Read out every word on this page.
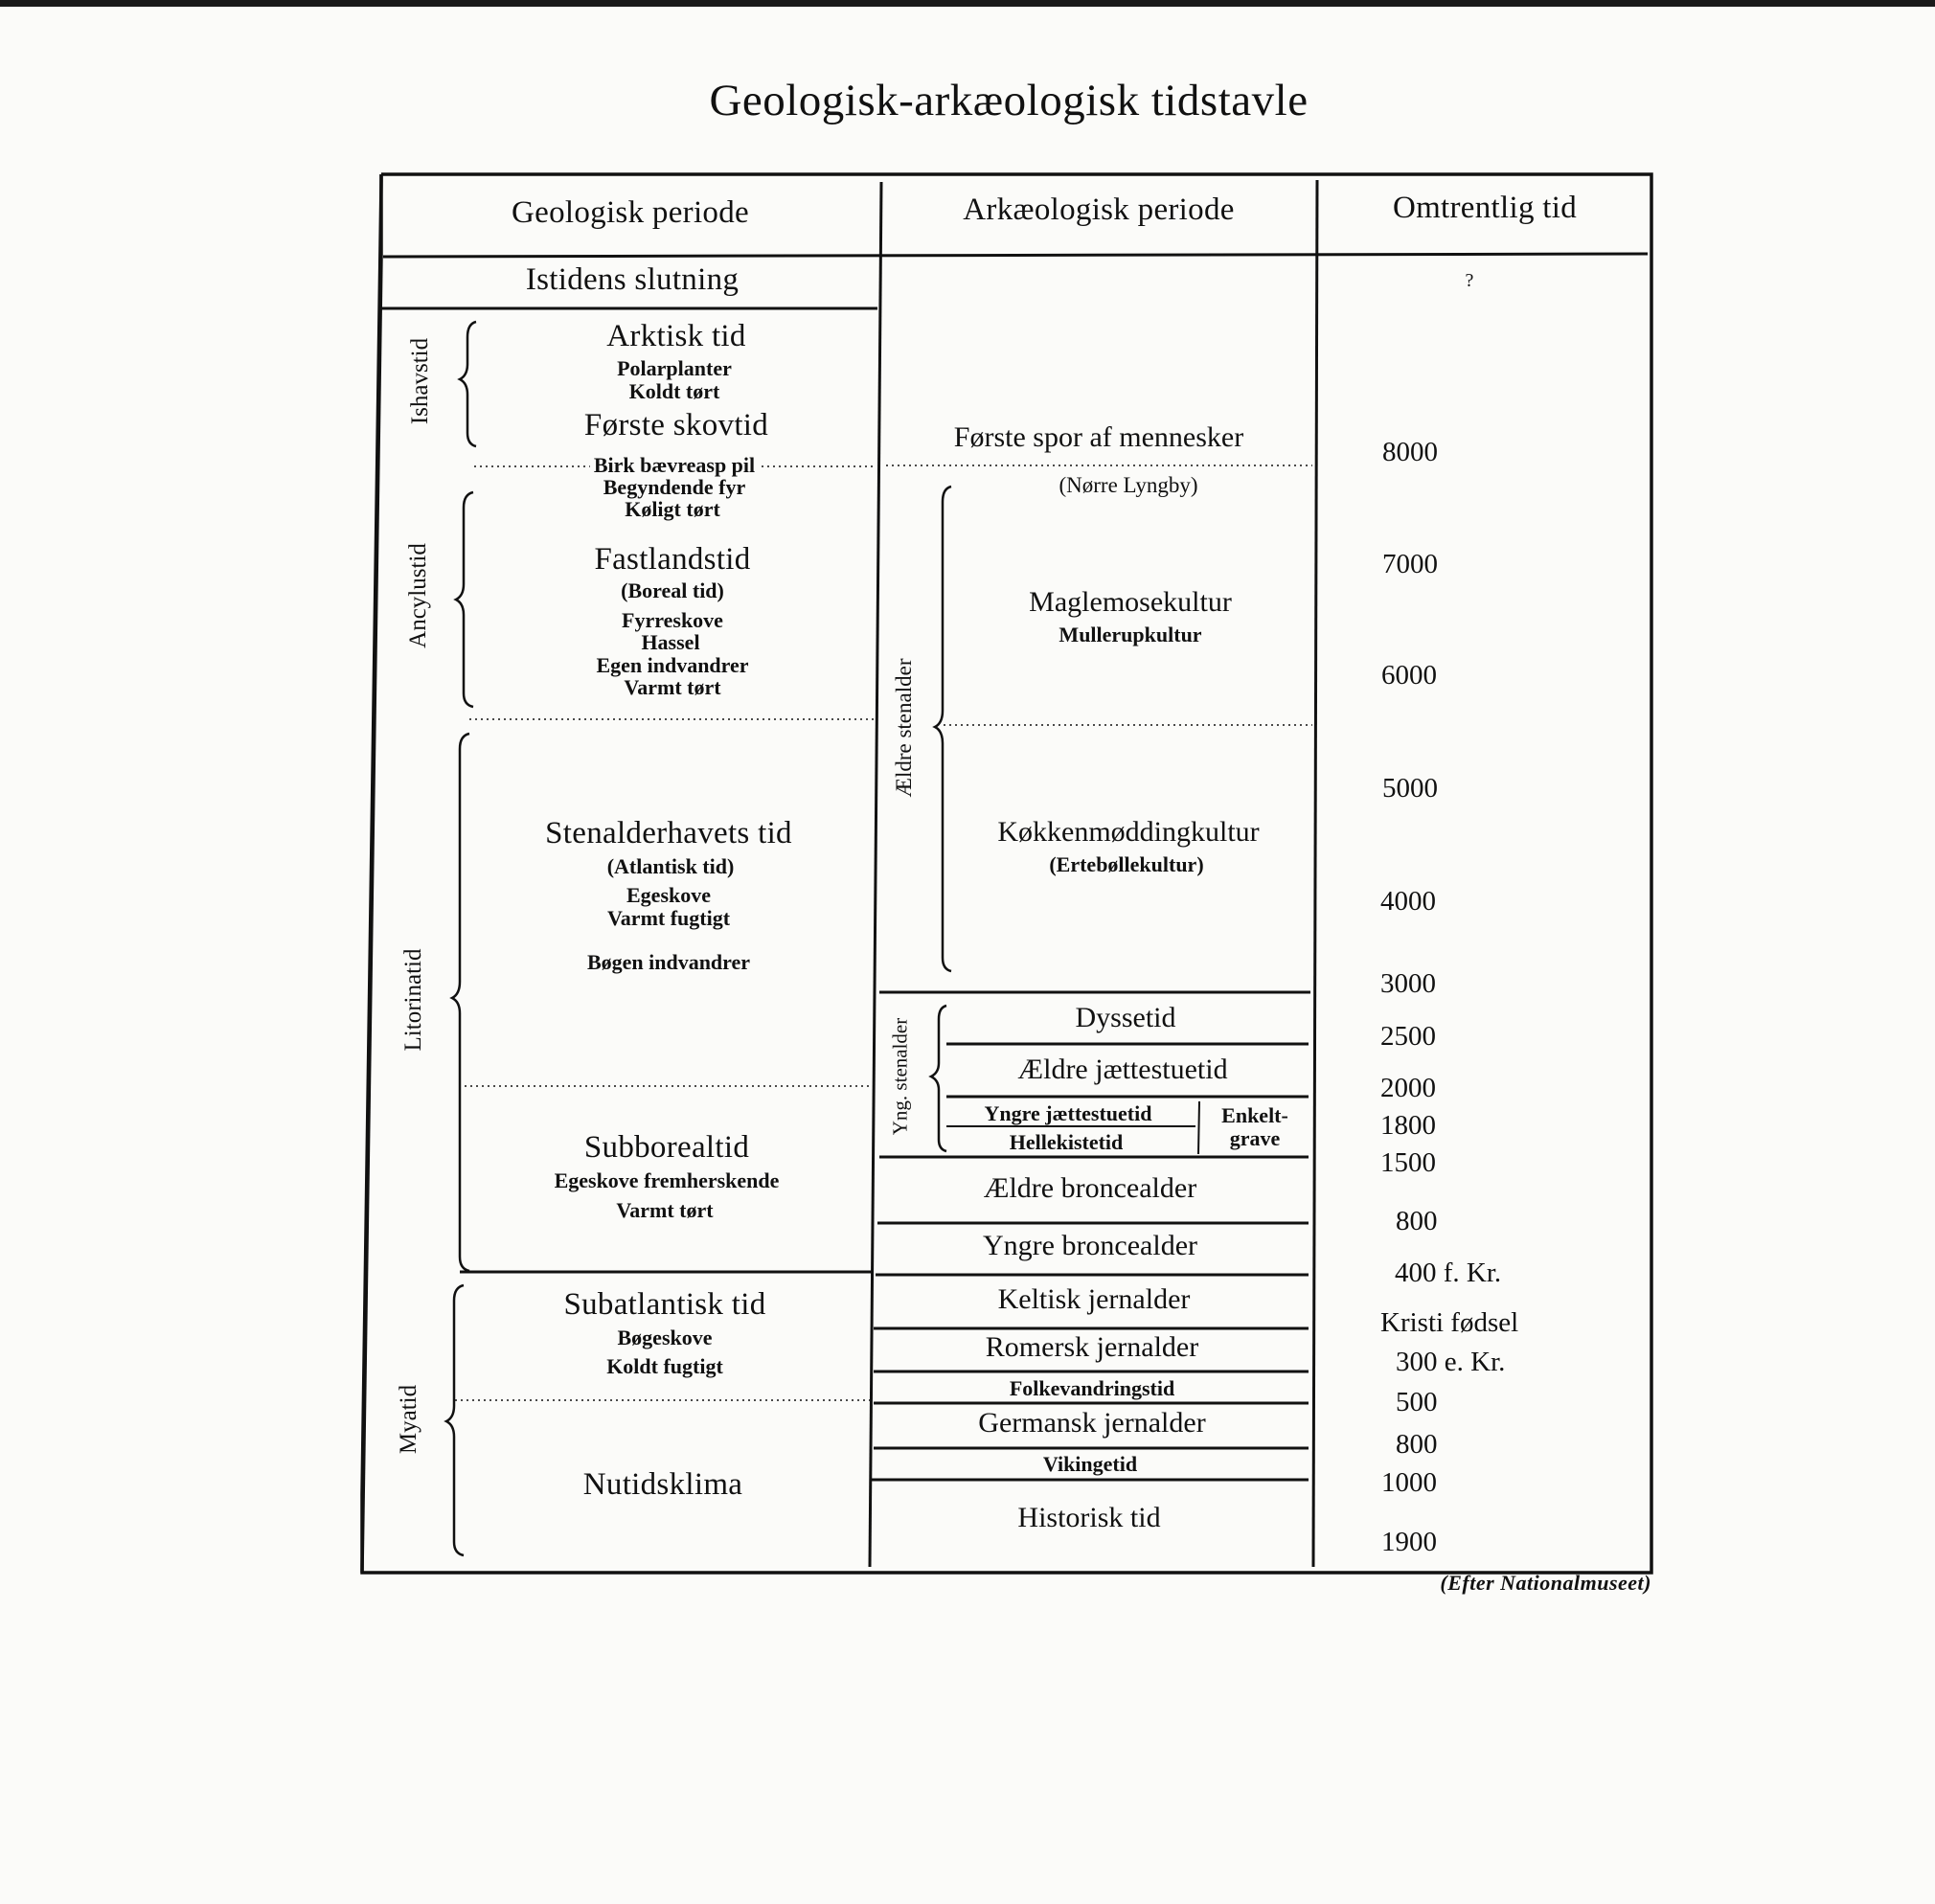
Geologisk-arkæologisk tidstavle
Geologisk periode	Arkæologisk periode	Omtrentlig tid
Istidens slutning
Ishavstid
Ancylustid
Litorinatid
Myatid
Arktisk tid
Polarplanter
Koldt tørt
Første skovtid
Birk bævreasp pil
Begyndende fyr
Køligt tørt
Fastlandstid
(Boreal tid)
Fyrreskove
Hassel
Egen indvandrer
Varmt tørt
Stenalderhavets tid
(Atlantisk tid)
Egeskove
Varmt fugtigt
Bøgen indvandrer
Subborealtid
Egeskove fremherskende
Varmt tørt
Subatlantisk tid
Bøgeskove
Koldt fugtigt
Nutidsklima
Første spor af mennesker
(Nørre Lyngby)
Ældre stenalder
Yng. stenalder
Maglemosekultur
Mullerupkultur
Køkkenmøddingkultur
(Ertebøllekultur)
Dyssetid
Ældre jættestuetid
Yngre jættestuetid
Hellekistetid
Enkelt-
grave
Ældre broncealder
Yngre broncealder
Keltisk jernalder
Romersk jernalder
Folkevandringstid
Germansk jernalder
Vikingetid
Historisk tid
?
8000
7000
6000
5000
4000
3000
2500
2000
1800
1500
800
400 f. Kr.
Kristi fødsel
300 e. Kr.
500
800
1000
1900
(Efter Nationalmuseet)
